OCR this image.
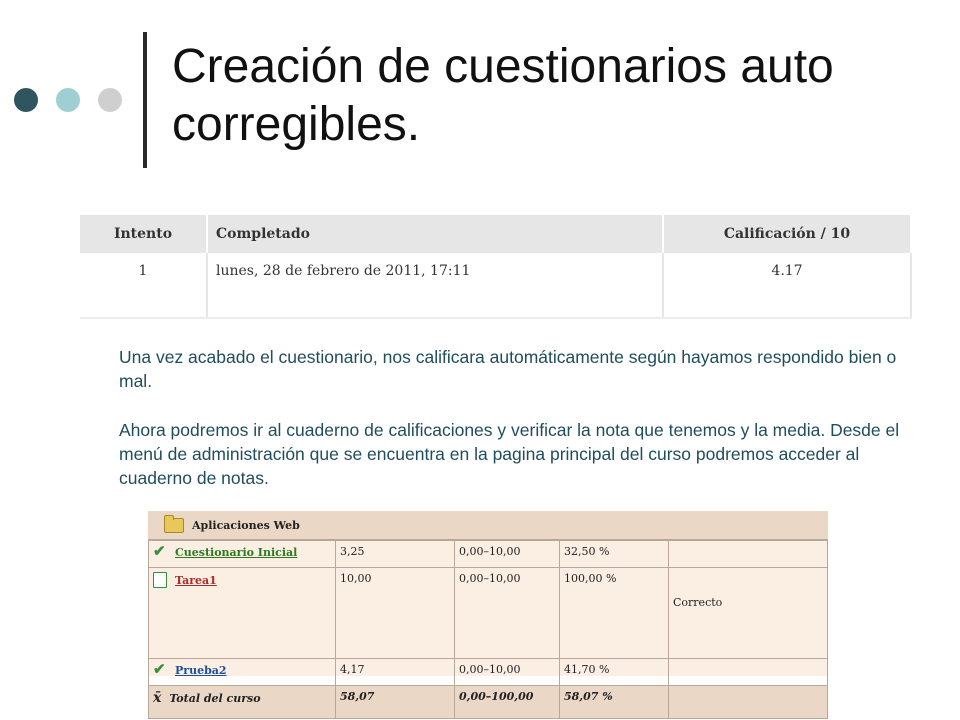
Creación de cuestionarios auto corregibles.
Intento	Completado	Calificación / 10
1	lunes, 28 de febrero de 2011, 17:11	4.17

Una vez acabado el cuestionario, nos calificara automáticamente según hayamos respondido bien o mal.

Ahora podremos ir al cuaderno de calificaciones y verificar la nota que tenemos y la media. Desde el menú de administración que se encuentra en la pagina principal del curso podremos acceder al cuaderno de notas.

Aplicaciones Web
✔
Cuestionario Inicial	3,25	0,00–10,00	32,50 %	

Tarea1	10,00	0,00–10,00	100,00 %	Correcto

✔
Prueba2	4,17	0,00–10,00	41,70 %	
x̄ Total del curso	58,07	0,00–100,00	58,07 %	
